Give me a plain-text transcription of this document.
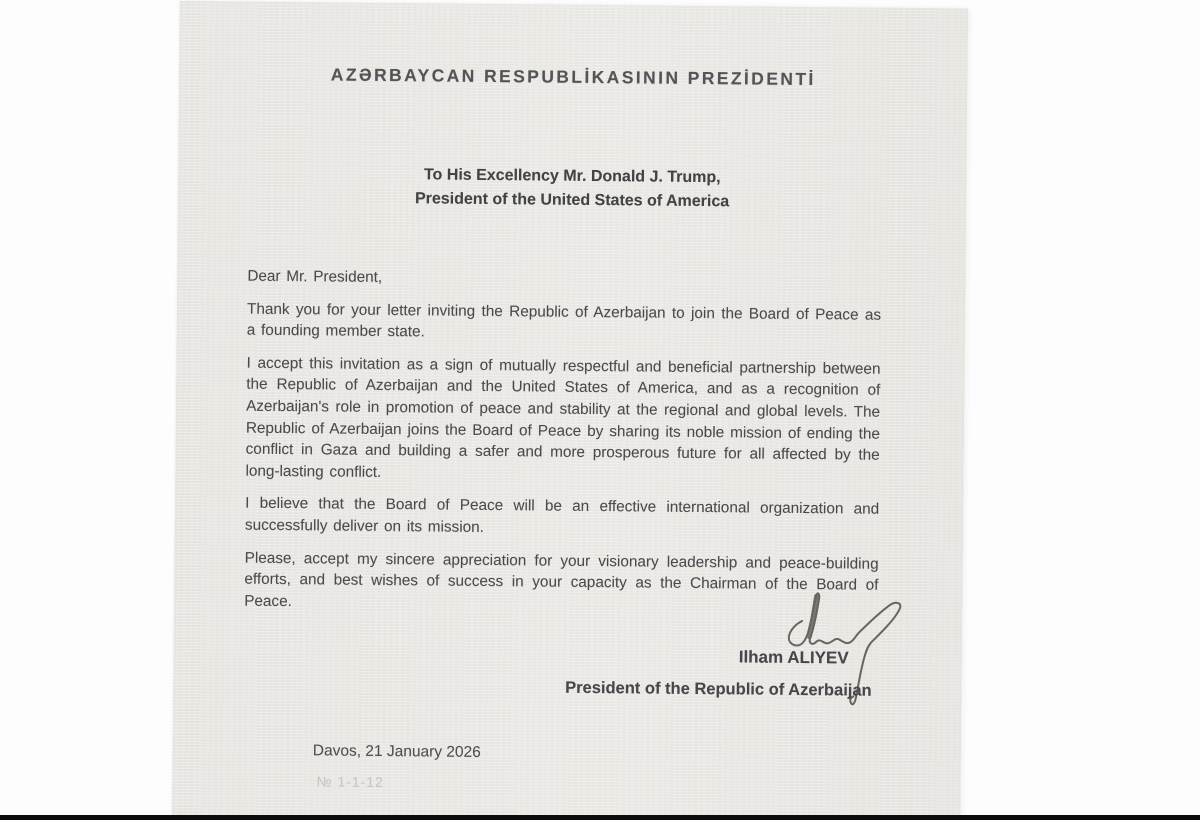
AZƏRBAYCAN RESPUBLİKASININ PREZİDENTİ
To His Excellency Mr. Donald J. Trump,
President of the United States of America

Dear Mr. President,

Thank you for your letter inviting the Republic of Azerbaijan to join the Board of Peace as a founding member state.

I accept this invitation as a sign of mutually respectful and beneficial partnership between the Republic of Azerbaijan and the United States of America, and as a recognition of Azerbaijan's role in promotion of peace and stability at the regional and global levels. The Republic of Azerbaijan joins the Board of Peace by sharing its noble mission of ending the conflict in Gaza and building a safer and more prosperous future for all affected by the long-lasting conflict.

I believe that the Board of Peace will be an effective international organization and successfully deliver on its mission.

Please, accept my sincere appreciation for your visionary leadership and peace-building efforts, and best wishes of success in your capacity as the Chairman of the Board of Peace.

Ilham ALIYEV
President of the Republic of Azerbaijan
Davos, 21 January 2026
№ 1-1-12
